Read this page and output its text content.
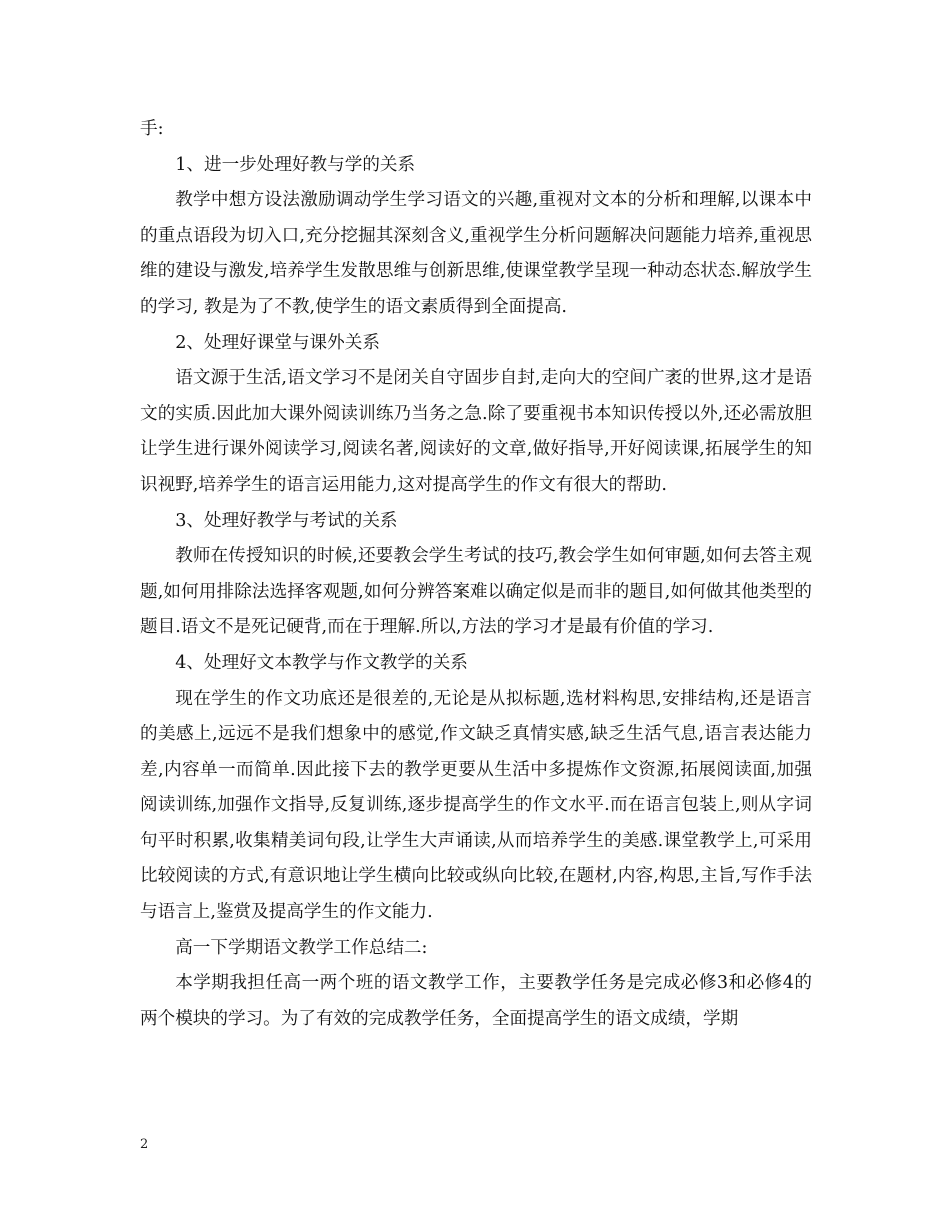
手:

1、进一步处理好教与学的关系

教学中想方设法激励调动学生学习语文的兴趣,重视对文本的分析和理解,以课本中的重点语段为切入口,充分挖掘其深刻含义,重视学生分析问题解决问题能力培养,重视思维的建设与激发,培养学生发散思维与创新思维,使课堂教学呈现一种动态状态.解放学生的学习, 教是为了不教,使学生的语文素质得到全面提高.

2、处理好课堂与课外关系

语文源于生活,语文学习不是闭关自守固步自封,走向大的空间广袤的世界,这才是语文的实质.因此加大课外阅读训练乃当务之急.除了要重视书本知识传授以外,还必需放胆让学生进行课外阅读学习,阅读名著,阅读好的文章,做好指导,开好阅读课,拓展学生的知识视野,培养学生的语言运用能力,这对提高学生的作文有很大的帮助.

3、处理好教学与考试的关系

教师在传授知识的时候,还要教会学生考试的技巧,教会学生如何审题,如何去答主观题,如何用排除法选择客观题,如何分辨答案难以确定似是而非的题目,如何做其他类型的题目.语文不是死记硬背,而在于理解.所以,方法的学习才是最有价值的学习.

4、处理好文本教学与作文教学的关系

现在学生的作文功底还是很差的,无论是从拟标题,选材料构思,安排结构,还是语言的美感上,远远不是我们想象中的感觉,作文缺乏真情实感,缺乏生活气息,语言表达能力差,内容单一而简单.因此接下去的教学更要从生活中多提炼作文资源,拓展阅读面,加强阅读训练,加强作文指导,反复训练,逐步提高学生的作文水平.而在语言包装上,则从字词句平时积累,收集精美词句段,让学生大声诵读,从而培养学生的美感.课堂教学上,可采用比较阅读的方式,有意识地让学生横向比较或纵向比较,在题材,内容,构思,主旨,写作手法与语言上,鉴赏及提高学生的作文能力.

高一下学期语文教学工作总结二:

本学期我担任高一两个班的语文教学工作，主要教学任务是完成必修3和必修4的两个模块的学习。为了有效的完成教学任务，全面提高学生的语文成绩，学期

2
